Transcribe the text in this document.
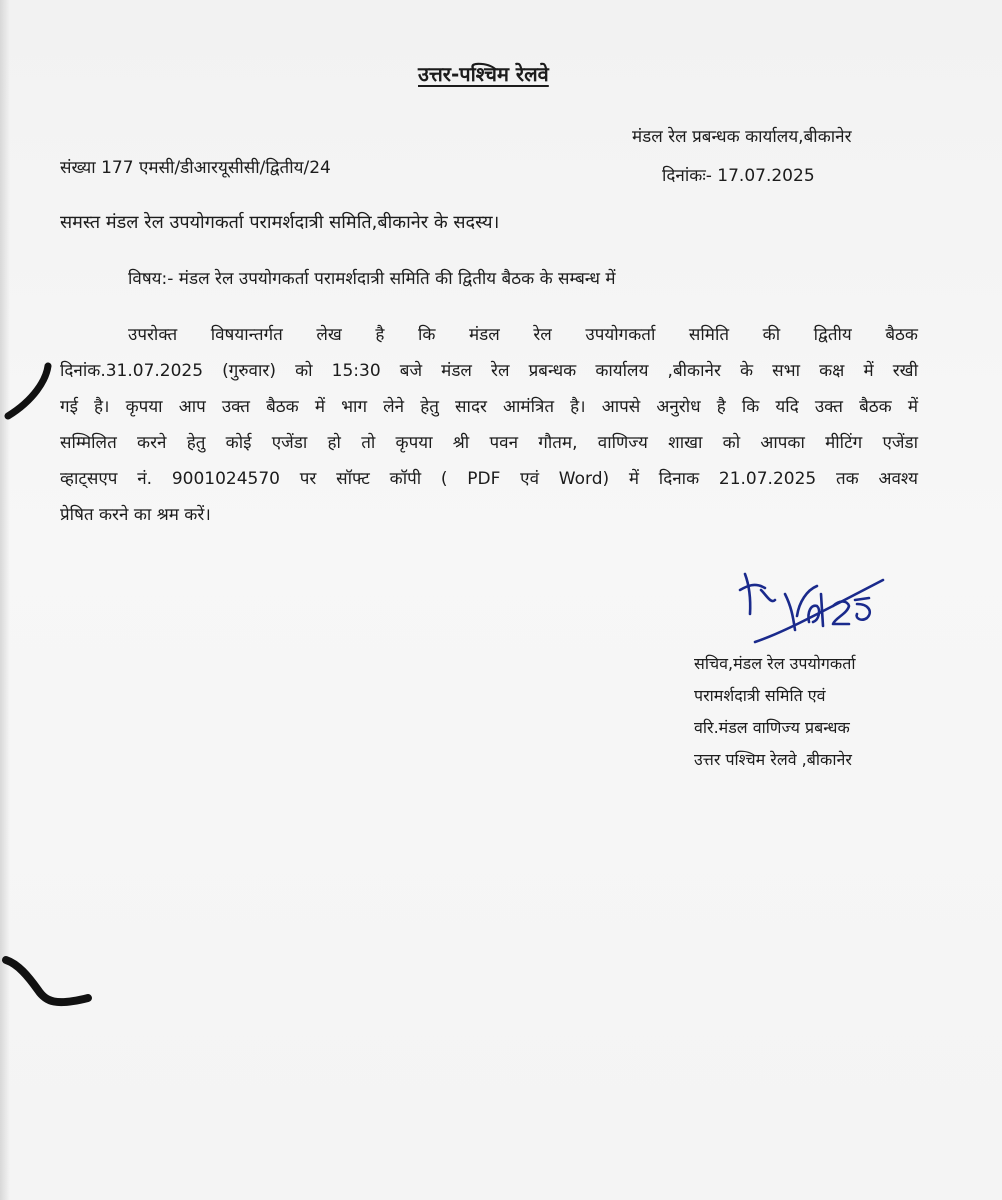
उत्तर-पश्चिम रेलवे
मंडल रेल प्रबन्धक कार्यालय,बीकानेर
संख्या 177 एमसी/डीआरयूसीसी/द्वितीय/24	दिनांकः- 17.07.2025
समस्त मंडल रेल उपयोगकर्ता परामर्शदात्री समिति,बीकानेर के सदस्य।
विषय:- मंडल रेल उपयोगकर्ता परामर्शदात्री समिति की द्वितीय बैठक के सम्बन्ध में
उपरोक्त विषयान्तर्गत लेख है कि मंडल रेल उपयोगकर्ता समिति की द्वितीय बैठक
दिनांक.31.07.2025 (गुरुवार) को 15:30 बजे मंडल रेल प्रबन्धक कार्यालय ,बीकानेर के सभा कक्ष में रखी
गई है। कृपया आप उक्त बैठक में भाग लेने हेतु सादर आमंत्रित है। आपसे अनुरोध है कि यदि उक्त बैठक में
सम्मिलित करने हेतु कोई एजेंडा हो तो कृपया श्री पवन गौतम, वाणिज्य शाखा को आपका मीटिंग एजेंडा
व्हाट्सएप नं. 9001024570 पर सॉफ्ट कॉपी ( PDF एवं Word) में दिनाक 21.07.2025 तक अवश्य
प्रेषित करने का श्रम करें।
सचिव,मंडल रेल उपयोगकर्ता
परामर्शदात्री समिति एवं
वरि.मंडल वाणिज्य प्रबन्धक
उत्तर पश्चिम रेलवे ,बीकानेर
